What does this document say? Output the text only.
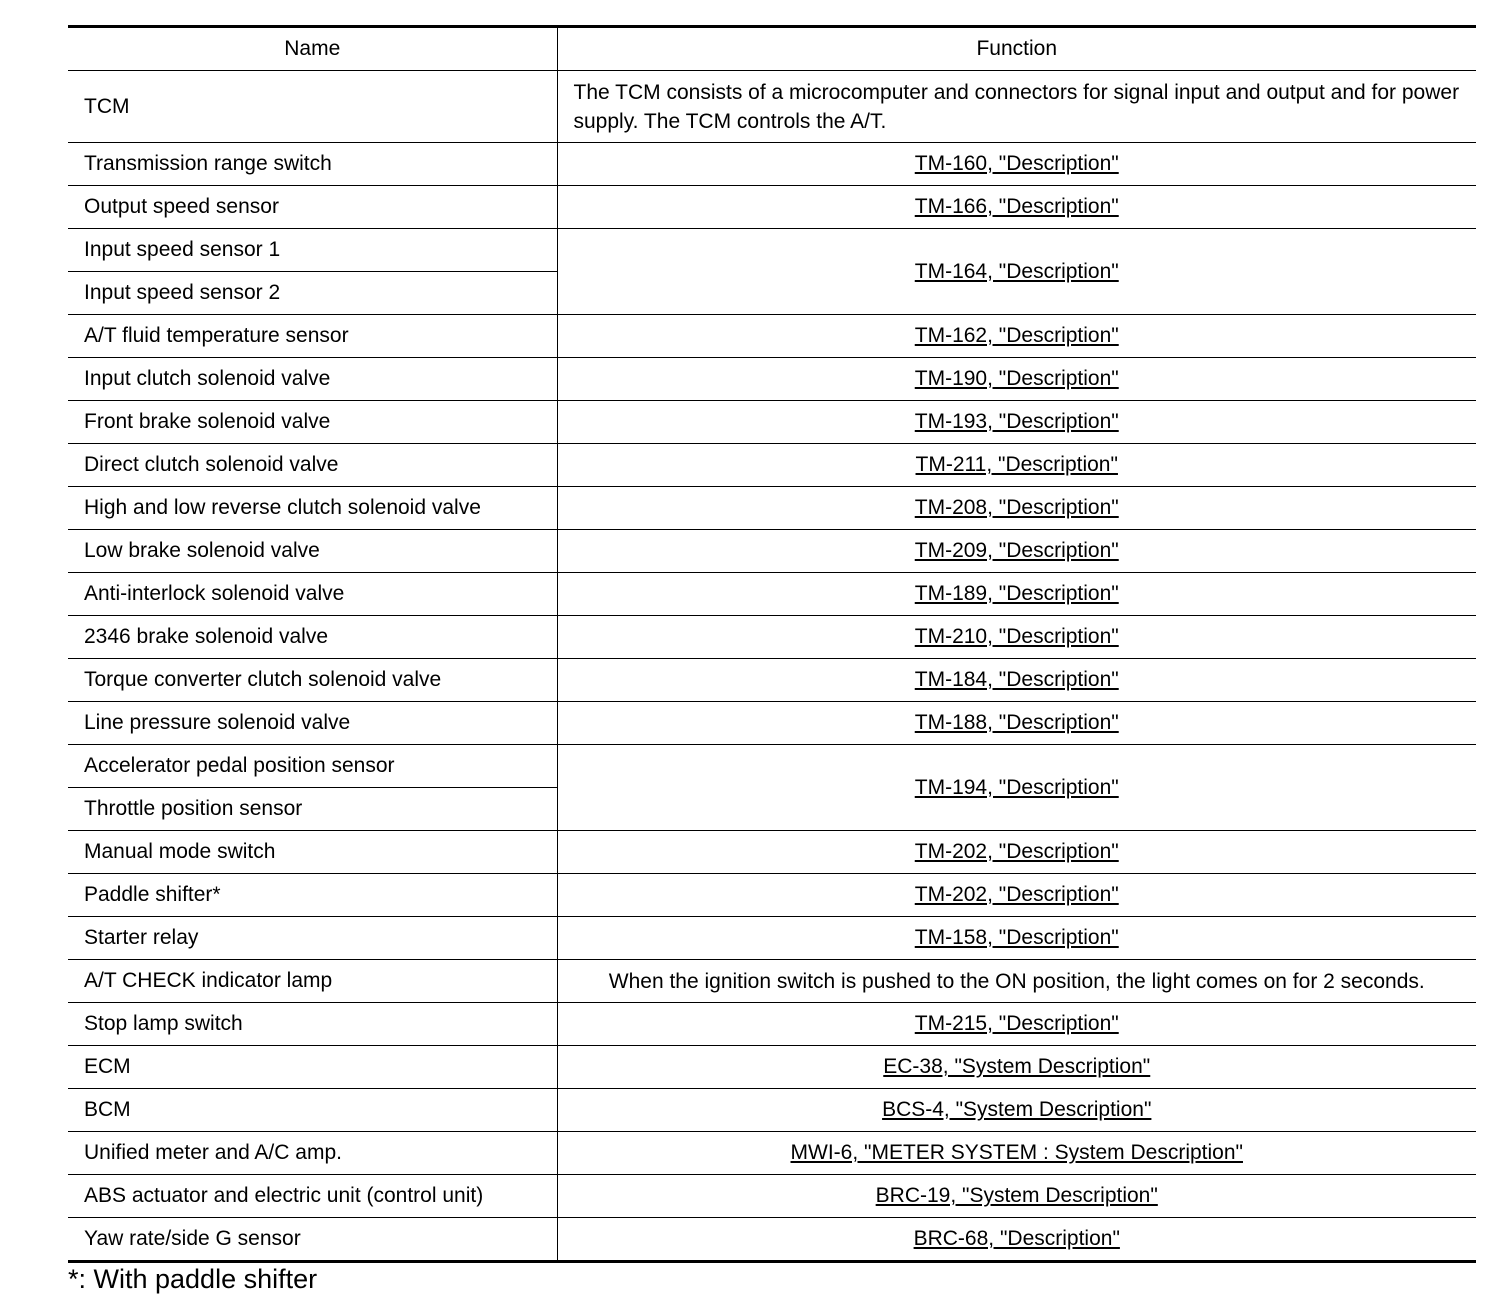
Name	Function
TCM	The TCM consists of a microcomputer and connectors for signal input and output and for power supply. The TCM controls the A/T.
Transmission range switch	TM-160, "Description"
Output speed sensor	TM-166, "Description"
Input speed sensor 1	TM-164, "Description"
Input speed sensor 2	
A/T fluid temperature sensor	TM-162, "Description"
Input clutch solenoid valve	TM-190, "Description"
Front brake solenoid valve	TM-193, "Description"
Direct clutch solenoid valve	TM-211, "Description"
High and low reverse clutch solenoid valve	TM-208, "Description"
Low brake solenoid valve	TM-209, "Description"
Anti-interlock solenoid valve	TM-189, "Description"
2346 brake solenoid valve	TM-210, "Description"
Torque converter clutch solenoid valve	TM-184, "Description"
Line pressure solenoid valve	TM-188, "Description"
Accelerator pedal position sensor	TM-194, "Description"
Throttle position sensor	
Manual mode switch	TM-202, "Description"
Paddle shifter*	TM-202, "Description"
Starter relay	TM-158, "Description"
A/T CHECK indicator lamp	When the ignition switch is pushed to the ON position, the light comes on for 2 seconds.
Stop lamp switch	TM-215, "Description"
ECM	EC-38, "System Description"
BCM	BCS-4, "System Description"
Unified meter and A/C amp.	MWI-6, "METER SYSTEM : System Description"
ABS actuator and electric unit (control unit)	BRC-19, "System Description"
Yaw rate/side G sensor	BRC-68, "Description"
*: With paddle shifter
